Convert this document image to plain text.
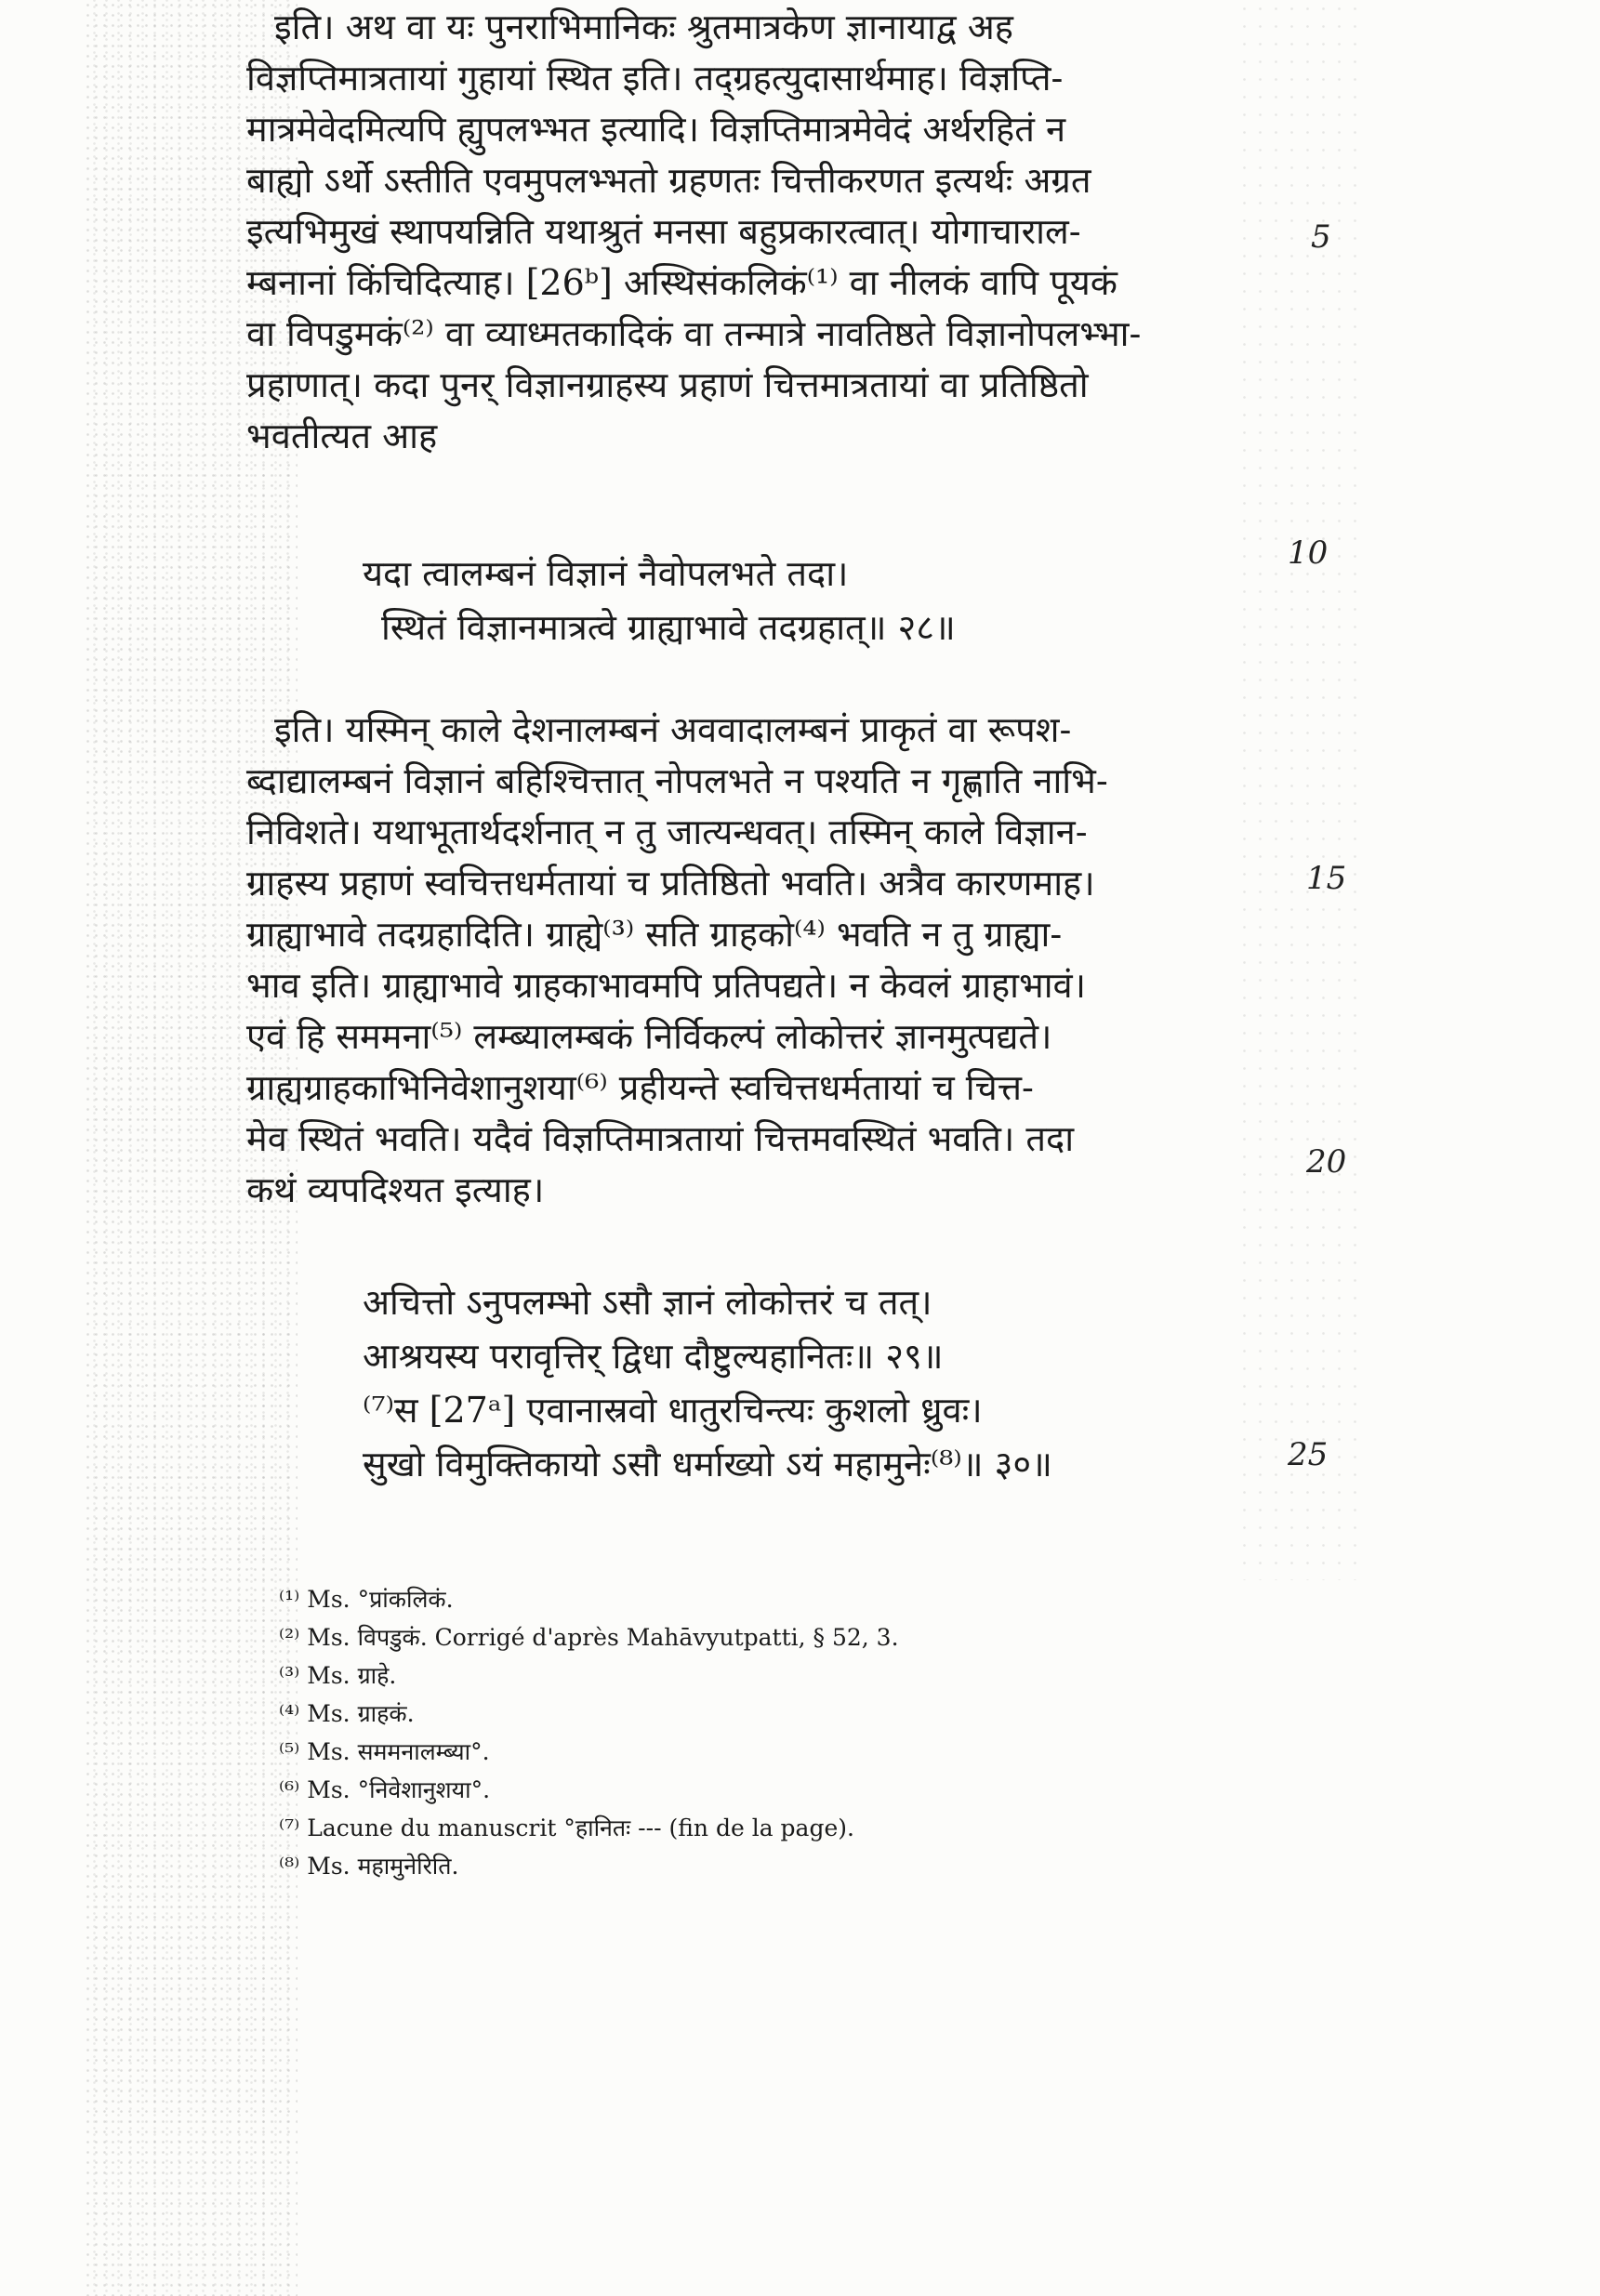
इति। अथ वा यः पुनराभिमानिकः श्रुतमात्रकेण ज्ञानायाद्व अह
विज्ञप्तिमात्रतायां गुहायां स्थित इति। तद्ग्रहत्युदासार्थमाह। विज्ञप्ति-
मात्रमेवेदमित्यपि ह्युपलभ्भत इत्यादि। विज्ञप्तिमात्रमेवेदं अर्थरहितं न
बाह्यो ऽर्थो ऽस्तीति एवमुपलभ्भतो ग्रहणतः चित्तीकरणत इत्यर्थः अग्रत
इत्यभिमुखं स्थापयन्निति यथाश्रुतं मनसा बहुप्रकारत्वात्। योगाचाराल-
म्बनानां किंचिदित्याह। [26ᵇ] अस्थिसंकलिकं⁽¹⁾ वा नीलकं वापि पूयकं
वा विपडुमकं⁽²⁾ वा व्याध्मतकादिकं वा तन्मात्रे नावतिष्ठते विज्ञानोपलभ्भा-
प्रहाणात्। कदा पुनर् विज्ञानग्राहस्य प्रहाणं चित्तमात्रतायां वा प्रतिष्ठितो
भवतीत्यत आह
यदा त्वालम्बनं विज्ञानं नैवोपलभते तदा।
स्थितं विज्ञानमात्रत्वे ग्राह्याभावे तदग्रहात्॥ २८॥
इति। यस्मिन् काले देशनालम्बनं अववादालम्बनं प्राकृतं वा रूपश-
ब्दाद्यालम्बनं विज्ञानं बहिश्चित्तात् नोपलभते न पश्यति न गृह्णाति नाभि-
निविशते। यथाभूतार्थदर्शनात् न तु जात्यन्धवत्। तस्मिन् काले विज्ञान-
ग्राहस्य प्रहाणं स्वचित्तधर्मतायां च प्रतिष्ठितो भवति। अत्रैव कारणमाह।
ग्राह्याभावे तदग्रहादिति। ग्राह्ये⁽³⁾ सति ग्राहको⁽⁴⁾ भवति न तु ग्राह्या-
भाव इति। ग्राह्याभावे ग्राहकाभावमपि प्रतिपद्यते। न केवलं ग्राहाभावं।
एवं हि सममना⁽⁵⁾ लम्ब्यालम्बकं निर्विकल्पं लोकोत्तरं ज्ञानमुत्पद्यते।
ग्राह्यग्राहकाभिनिवेशानुशया⁽⁶⁾ प्रहीयन्ते स्वचित्तधर्मतायां च चित्त-
मेव स्थितं भवति। यदैवं विज्ञप्तिमात्रतायां चित्तमवस्थितं भवति। तदा
कथं व्यपदिश्यत इत्याह।
अचित्तो ऽनुपलम्भो ऽसौ ज्ञानं लोकोत्तरं च तत्।
आश्रयस्य परावृत्तिर् द्विधा दौष्टुल्यहानितः॥ २९॥
⁽⁷⁾स [27ᵃ] एवानास्रवो धातुरचिन्त्यः कुशलो ध्रुवः।
सुखो विमुक्तिकायो ऽसौ धर्माख्यो ऽयं महामुनेः⁽⁸⁾॥ ३०॥
⁽¹⁾ Ms. °प्रांकलिकं.
⁽²⁾ Ms. विपडुकं. Corrigé d'après Mahāvyutpatti, § 52, 3.
⁽³⁾ Ms. ग्राहे.
⁽⁴⁾ Ms. ग्राहकं.
⁽⁵⁾ Ms. सममनालम्ब्या°.
⁽⁶⁾ Ms. °निवेशानुशया°.
⁽⁷⁾ Lacune du manuscrit °हानितः --- (fin de la page).
⁽⁸⁾ Ms. महामुनेरिति.
5
10
15
20
25
